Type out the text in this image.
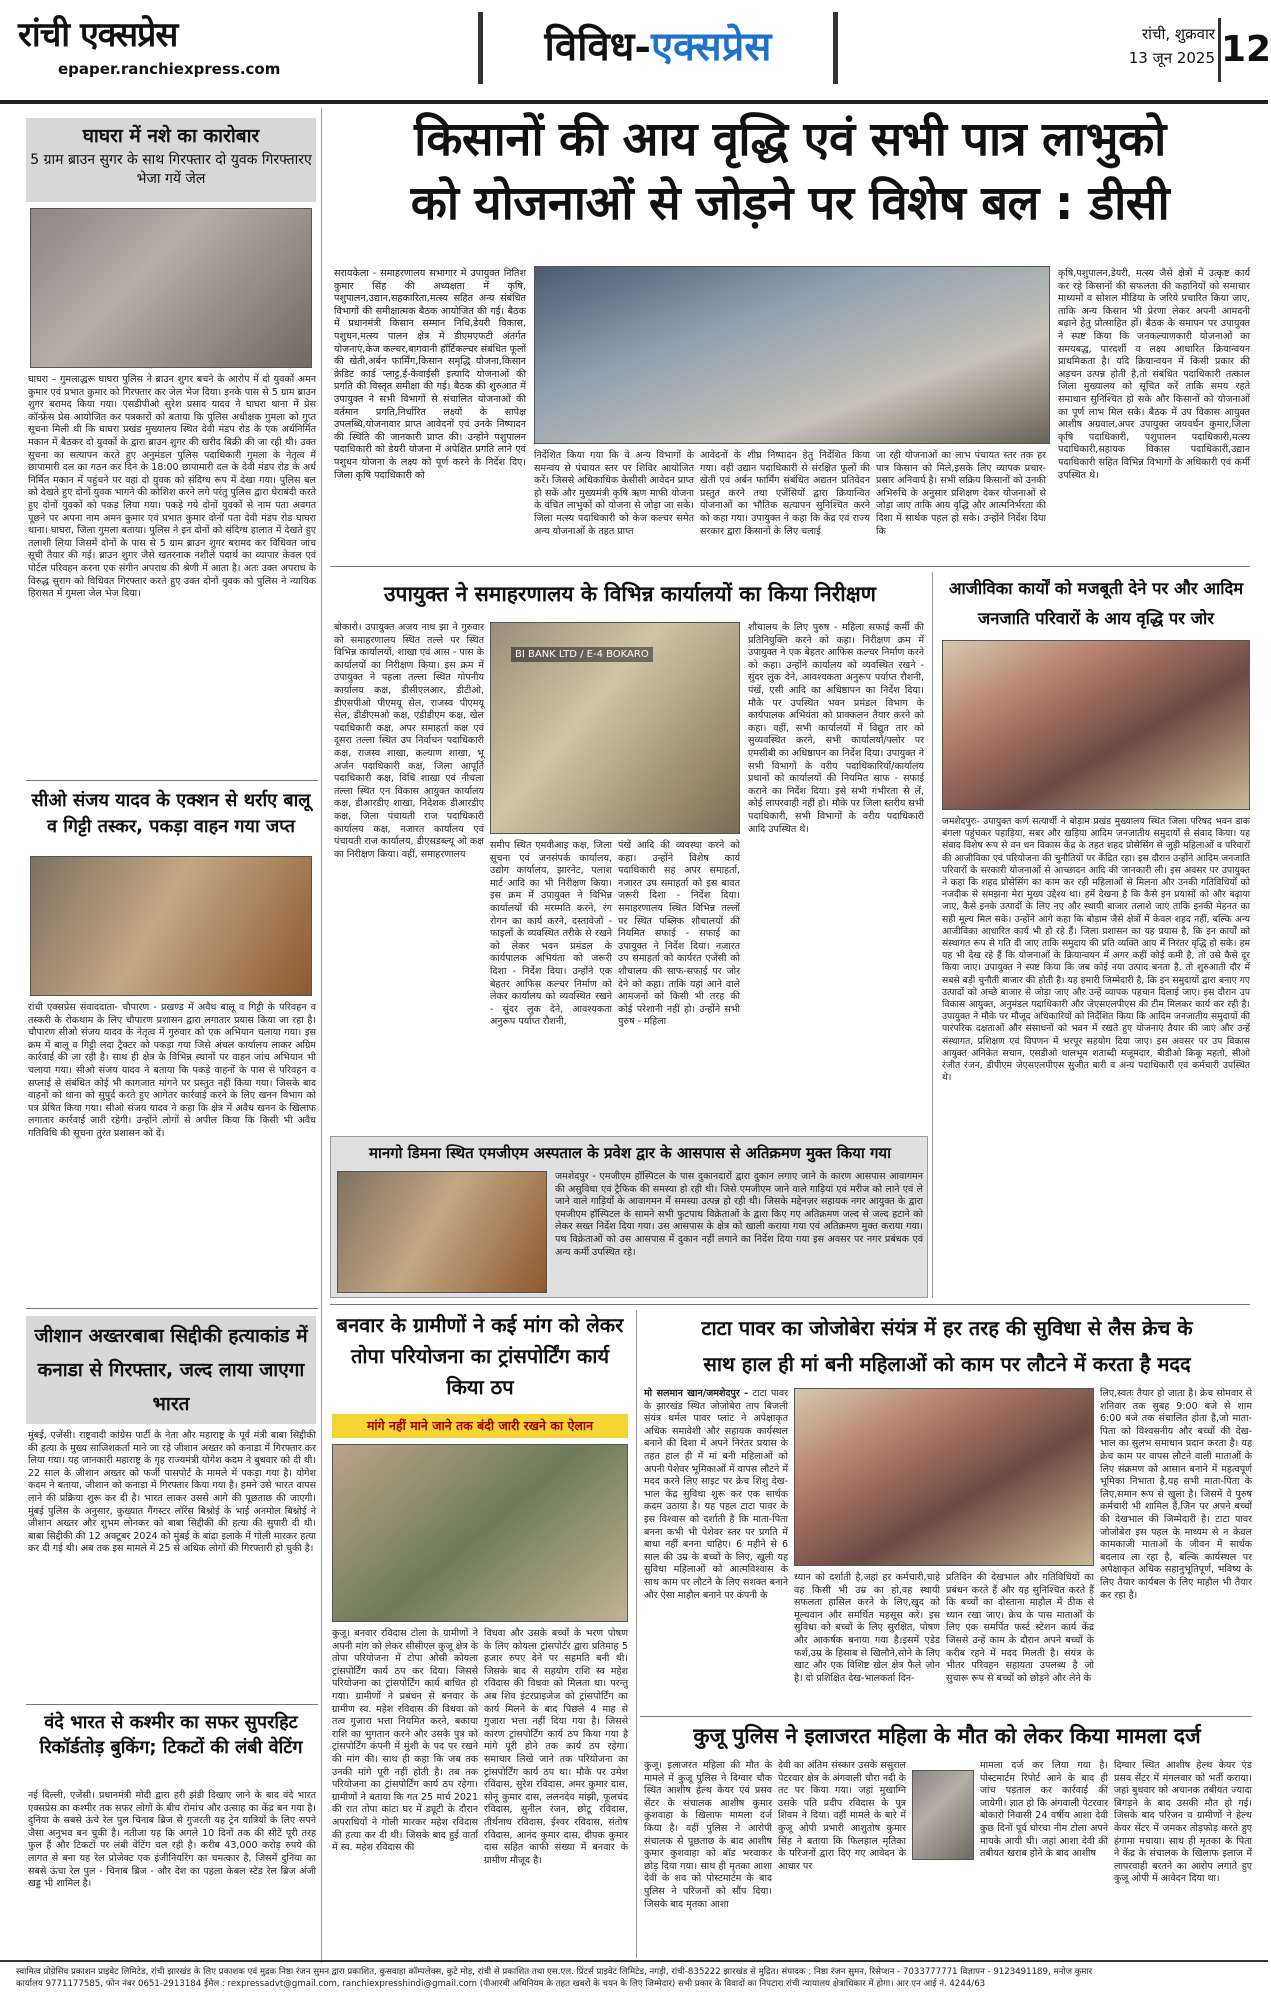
रांची एक्सप्रेस
epaper.ranchiexpress.com	विविध-एक्सप्रेस	रांची, शुक्रवार
13 जून 2025 12
घाघरा में नशे का कारोबार
5 ग्राम ब्राउन सुगर के साथ गिरफ्तार दो युवक गिरफ्तारए भेजा गयें जेल
घाघरा – गुमलाद्धरू घाघरा पुलिस ने ब्राउन शुगर बचने के आरोप में दो युवकों अमन कुमार एवं प्रभात कुमार को गिरफ्तार कर जेल भेज दिया। इनके पास से 5 ग्राम ब्राउन शुगर बरामद किया गया। एसडीपीओ सुरेश प्रसाद यादव ने घाघरा थाना में प्रेस कॉन्फ्रेंस प्रेस आयोजित कर पत्रकारों को बताया कि पुलिस अधीक्षक गुमला को गुप्त सूचना मिली थी कि घाघरा प्रखंड मुख्यालय स्थित देवी मंडप रोड के एक अर्धनिर्मित मकान में बैठकर दो युवकों के द्वारा ब्राउन शुगर की खरीद बिक्री की जा रही थी। उक्त सूचना का सत्यापन करते हुए अनुमंडल पुलिस पदाधिकारी गुमला के नेतृत्व में छापामारी दल का गठन कर दिन के 18:00 छापामारी दल के देवी मंडप रोड के अर्ध निर्मित मकान में पहुंचने पर वहां दो युवक को संदिग्ध रूप में देखा गया। पुलिस बल को देखते हुए दोनों युवक भागने की कोशिश करने लगे परंतु पुलिस द्वारा घेराबंदी करते हुए दोनों युवकों को पकड़ लिया गया। पकड़े गये दोनों युवकों से नाम पता अवगत पूछने पर अपना नाम अमन कुमार एवं प्रभात कुमार दोनों पता देवी मंडप रोड घाघरा थाना। घाघरा, जिला गुमला बताया। पुलिस ने इन दोनों को संदिग्ध हालात में देखते हुए तलाशी लिया जिसमें दोनों के पास से 5 ग्राम ब्राउन शुगर बरामद कर विधिवत जांच सूची तैयार की गई। ब्राउन शुगर जैसे खतरनाक नशीले पदार्थ का व्यापार केवल एवं पोर्टल परिवहन करना एक संगीन अपराध की श्रेणी में आता है। अतः उक्त अपराध के विरुद्ध सुराग को विधिवत गिरफ्तार करते हुए उक्त दोनों युवक को पुलिस ने न्यायिक हिरासत में गुमला जेल भेज दिया।
सीओ संजय यादव के एक्शन से थर्राए बालू व गिट्टी तस्कर, पकड़ा वाहन गया जप्त
रांची एक्सप्रेस संवाददाता- चौपारण - प्रखण्ड में अवैध बालू व गिट्टी के परिवहन व तस्करी के रोकथाम के लिए चौपारण प्रशासन द्वारा लगातार प्रयास किया जा रहा है। चौपारण सीओ संजय यादव के नेतृत्व में गुरुवार को एक अभियान चलाया गया। इस क्रम में बालू व गिट्टी लदा ट्रैक्टर को पकड़ा गया जिसे अंचल कार्यालय लाकर अग्रिम कार्रवाई की जा रही है। साथ ही क्षेत्र के विभिन्न स्थानों पर वाहन जांच अभियान भी चलाया गया। सीओ संजय यादव ने बताया कि पकड़े वाहनों के पास से परिवहन व सप्लाई से संबंधित कोई भी कागजात मांगने पर प्रस्तुत नहीं किया गया। जिसके बाद वाहनों को थाना को सुपुर्द करते हुए आगेतर कार्रवाई करने के लिए खनन विभाग को पत्र प्रेषित किया गया। सीओ संजय यादव ने कहा कि क्षेत्र में अवैध खनन के खिलाफ लगातार कार्रवाई जारी रहेगी। उन्होंने लोगों से अपील किया कि किसी भी अवैध गतिविधि की सूचना तुरंत प्रशासन को दें।
जीशान अख्तरबाबा सिद्दीकी हत्याकांड में कनाडा से गिरफ्तार, जल्द लाया जाएगा भारत
मुंबई, एजेंसी। राष्ट्रवादी कांग्रेस पार्टी के नेता और महाराष्ट्र के पूर्व मंत्री बाबा सिद्दीकी की हत्या के मुख्य साजिशकर्ता माने जा रहे जीशान अख्तर को कनाडा में गिरफ्तार कर लिया गया। यह जानकारी महाराष्ट्र के गृह राज्यमंत्री योगेश कदम ने बुधवार को दी थी। 22 साल के जीशान अख्तर को फर्जी पासपोर्ट के मामले में पकड़ा गया है। योगेश कदम ने बताया, जीशान को कनाडा में गिरफ्तार किया गया है। हमने उसे भारत वापस लाने की प्रक्रिया शुरू कर दी है। भारत लाकर उससे आगे की पूछताछ की जाएगी। मुंबई पुलिस के अनुसार, कुख्यात गैंगस्टर लॉरेंस बिश्नोई के भाई अनमोल बिश्नोई ने जीशान अख्तर और शुभम लोनकर को बाबा सिद्दीकी की हत्या की सुपारी दी थी। बाबा सिद्दीकी की 12 अक्टूबर 2024 को मुंबई के बांद्रा इलाके में गोली मारकर हत्या कर दी गई थी। अब तक इस मामले में 25 से अधिक लोगों की गिरफ्तारी हो चुकी है।
वंदे भारत से कश्मीर का सफर सुपरहिट रिकॉर्डतोड़ बुकिंग; टिकटों की लंबी वेटिंग
नई दिल्ली, एजेंसी। प्रधानमंत्री मोदी द्वारा हरी झंडी दिखाए जाने के बाद वंदे भारत एक्सप्रेस का कश्मीर तक सफर लोगों के बीच रोमांच और उत्साह का केंद्र बन गया है। दुनिया के सबसे ऊंचे रेल पुल चिनाब ब्रिज से गुजरती यह ट्रेन यात्रियों के लिए सपने जैसा अनुभव बन चुकी है। नतीजा यह कि अगले 10 दिनों तक की सीटें पूरी तरह फुल हैं और टिकटों पर लंबी वेटिंग चल रही है। करीब 43,000 करोड़ रुपये की लागत से बना यह रेल प्रोजेक्ट एक इंजीनियरिंग का चमत्कार है, जिसमें दुनिया का सबसे ऊंचा रेल पुल - चिनाब ब्रिज - और देश का पहला केबल स्टेड रेल ब्रिज अंजी खड्ड भी शामिल है।
किसानों की आय वृद्धि एवं सभी पात्र लाभुको
को योजनाओं से जोड़ने पर विशेष बल : डीसी
सरायकेला - समाहरणालय सभागार में उपायुक्त नितिश कुमार सिंह की अध्यक्षता में कृषि, पशुपालन,उद्यान,सहकारिता,मत्स्य सहित अन्य संबंधित विभागों की समीक्षात्मक बैठक आयोजित की गई। बैठक में प्रधानमंत्री किसान सम्मान निधि,डेयरी विकास, पशुधन,मत्स्य पालन क्षेत्र में डीएमएफटी अंतर्गत योजनाएं,केज कल्चर,बागवानी हॉर्टिकल्चर संबंधित फूलों की खेती,अर्बन फार्मिंग,किसान समृद्धि योजना,किसान क्रेडिट कार्ड प्लाट्ट,ई-केवाईसी इत्यादि योजनाओं की प्रगति की विस्तृत समीक्षा की गई। बैठक की शुरुआत में उपायुक्त ने सभी विभागों से संचालित योजनाओं की वर्तमान प्रगति,निर्धारित लक्ष्यों के सापेक्ष उपलब्धि,योजनावार प्राप्त आवेदनों एवं उनके निष्पादन की स्थिति की जानकारी प्राप्त की। उन्होंने पशुपालन पदाधिकारी को डेयरी योजना में अपेक्षित प्रगति लाने एवं पशुधन योजना के लक्ष्य को पूर्ण करने के निर्देश दिए। जिला कृषि पदाधिकारी को
निर्देशित किया गया कि वे अन्य विभागों के समन्वय से पंचायत स्तर पर शिविर आयोजित करें। जिससे अधिकाधिक केसीसी आवेदन प्राप्त हो सकें और मुख्यमंत्री कृषि ऋण माफी योजना के वंचित लाभुकों को योजना से जोड़ा जा सके। जिला मत्स्य पदाधिकारी को केज कल्चर समेत अन्य योजनाओं के तहत प्राप्त
आवेदनों के शीघ्र निष्पादन हेतु निर्देशित किया गया। वहीं उद्यान पदाधिकारी से संरक्षित फूलों की खेती एवं अर्बन फार्मिंग संबंधित अद्यतन प्रतिवेदन प्रस्तुत करने तथा एजेंसियों द्वारा क्रियान्वित योजनाओं का भौतिक सत्यापन सुनिश्चित करने को कहा गया। उपायुक्त ने कहा कि केंद्र एवं राज्य सरकार द्वारा किसानों के लिए चलाई
जा रही योजनाओं का लाभ पंचायत स्तर तक हर पात्र किसान को मिले,इसके लिए व्यापक प्रचार-प्रसार अनिवार्य है। सभी सक्रिय किसानों को उनकी अभिरुचि के अनुसार प्रशिक्षण देकर योजनाओं से जोड़ा जाए ताकि आय वृद्धि और आत्मनिर्भरता की दिशा में सार्थक पहल हो सके। उन्होंने निर्देश दिया कि
कृषि,पशुपालन,डेयरी, मत्स्य जैसे क्षेत्रों में उत्कृष्ट कार्य कर रहे किसानों की सफलता की कहानियों को समाचार माध्यमों व सोशल मीडिया के जरिये प्रचारित किया जाए, ताकि अन्य किसान भी प्रेरणा लेकर अपनी आमदनी बढ़ाने हेतु प्रोत्साहित हों। बैठक के समापन पर उपायुक्त ने स्पष्ट किया कि जनकल्याणकारी योजनाओं का समयबद्ध, पारदर्शी व लक्ष्य आधारित क्रियान्वयन प्राथमिकता है। यदि क्रियान्वयन में किसी प्रकार की अड़चन उत्पन्न होती है,तो संबंधित पदाधिकारी तत्काल जिला मुख्यालय को सूचित करें ताकि समय रहते समाधान सुनिश्चित हो सके और किसानों को योजनाओं का पूर्ण लाभ मिल सके। बैठक में उप विकास आयुक्त आशीष अग्रवाल,अपर उपायुक्त जयवर्धन कुमार,जिला कृषि पदाधिकारी, पशुपालन पदाधिकारी,मत्स्य पदाधिकारी,सहायक विकास पदाधिकारी,उद्यान पदाधिकारी सहित विभिन्न विभागों के अधिकारी एवं कर्मी उपस्थित थे।
उपायुक्त ने समाहरणालय के विभिन्न कार्यालयों का किया निरीक्षण
बोकारो। उपायुक्त अजय नाथ झा ने गुरुवार को समाहरणालय स्थित तल्ले पर स्थित विभिन्न कार्यालयों, शाखा एवं आस - पास के कार्यालयों का निरीक्षण किया। इस क्रम में उपायुक्त ने पहला तल्ला स्थित गोपनीय कार्यालय कक्ष, डीसीएलआर, डीटीओ, डीएसपीओ पीएमयू सेल, राजस्व पीएमयू सेल, डीडीएमओ कक्ष, एडीडीएम कक्ष, खेल पदाधिकारी कक्ष, अपर समाहर्ता कक्ष एवं दूसरा तल्ला स्थित उप निर्वाचन पदाधिकारी कक्ष, राजस्व शाखा, कल्याण शाखा, भू अर्जन पदाधिकारी कक्ष, जिला आपूर्ति पदाधिकारी कक्ष, विधि शाखा एवं नीचला तल्ला स्थित एन विकास आयुक्त कार्यालय कक्ष, डीआरडीए शाखा, निदेशक डीआरडीए कक्ष, जिला पंचायती राज पदाधिकारी कार्यालय कक्ष, नजारत कार्यालय एवं पंचायती राज कार्यालय, डीएसडब्ल्यू ओ कक्ष का निरीक्षण किया। वहीं, समाहरणालय
BI BANK LTD / E-4 BOKARO
समीप स्थित एमवीआइ कक्ष, जिला सूचना एवं जनसंपर्क कार्यालय, उद्योग कार्यालय, झारनेट, पलाश मार्ट आदि का भी निरीक्षण किया। इस क्रम में उपायुक्त ने विभिन्न कार्यालयों की मरम्मति करने, रंग रोगन का कार्य करने, दस्तावेजों - फाइलों के व्यवस्थित तरीके से रखने को लेकर भवन प्रमंडल के कार्यपालक अभियंता को जरूरी दिशा - निर्देश दिया। उन्होंने एक बेहतर आफिस कल्चर निर्माण को लेकर कार्यालय को व्यवस्थित रखने - सुंदर लुक देने, आवश्यकता अनुरूप पर्याप्त रौशनी,
पंखें आदि की व्यवस्था करने को कहा। उन्होंने विशेष कार्य पदाधिकारी सह अपर समाहर्ता, नजारत उप समाहर्ता को इस बावत जरूरी दिशा - निर्देश दिया। समाहरणालय स्थित विभिन्न तल्लों पर स्थित पब्लिक शौचालयों की नियमित सफाई - सफाई का उपायुक्त ने निर्देश दिया। नजारत उप समाहर्ता को कार्यरत एजेंसी को शौचालय की साफ-सफाई पर जोर देने को कहा। ताकि यहां आने वाले आमजनों को किसी भी तरह की कोई परेशानी नहीं हो। उन्होंने सभी पुरुष - महिला
शौचालय के लिए पुरुष - महिला सफाई कर्मी की प्रतिनियुक्ति करने को कहा। निरीक्षण क्रम में उपायुक्त ने एक बेहतर आफिस कल्चर निर्माण करने को कहा। उन्होंने कार्यालय को व्यवस्थित रखने - सुंदर लुक देने, आवश्यकता अनुरूप पर्याप्त रौशनी, पंखें, एसी आदि का अधिष्ठापन का निर्देश दिया। मौके पर उपस्थित भवन प्रमंडल विभाग के कार्यपालक अभियंता को प्राक्कलन तैयार करने को कहा। वहीं, सभी कार्यालयों में विद्युत तार को सुव्यवस्थित करने, सभी कार्यालयों/फ्लोर पर एमसीबी का अधिष्ठापन का निर्देश दिया। उपायुक्त ने सभी विभागों के वरीय पदाधिकारियों/कार्यालय प्रधानों को कार्यालयों की नियमित साफ - सफाई कराने का निर्देश दिया। इसे सभी गंभीरता से लें, कोई लापरवाही नहीं हो। मौके पर जिला स्तरीय सभी पदाधिकारी, सभी विभागों के वरीय पदाधिकारी आदि उपस्थित थे।
आजीविका कार्यों को मजबूती देने पर और आदिम जनजाति परिवारों के आय वृद्धि पर जोर
जमशेदपुरः- उपायुक्त कर्ण सत्यार्थी ने बोड़ाम प्रखंड मुख्यालय स्थित जिला परिषद भवन डाक बंगला पहुंचकर पहाड़िया, सबर और खड़िया आदिम जनजातीय समुदायों से संवाद किया। यह संवाद विशेष रूप से वन धन विकास केंद्र के तहत शहद प्रोसेसिंग से जुड़ी महिलाओं व परिवारों की आजीविका एवं परियोजना की चुनौतियों पर केंद्रित रहा। इस दौरान उन्होंने आदिम जनजाति परिवारों के सरकारी योजनाओं से आच्छादन आदि की जानकारी ली। इस अवसर पर उपायुक्त ने कहा कि शहद प्रोसेसिंग का काम कर रही महिलाओं से मिलना और उनकी गतिविधियों को नजदीक से समझना मेरा मुख्य उद्देश्य था। हमें देखना है कि कैसे इन प्रयासों को और बढ़ाया जाए, कैसे इनके उत्पादों के लिए नए और स्थायी बाजार तलाशे जाएं ताकि इनकी मेहनत का सही मूल्य मिल सके। उन्होंने आगे कहा कि बोड़ाम जैसे क्षेत्रों में केवल शहद नहीं, बल्कि अन्य आजीविका आधारित कार्य भी हो रहे हैं। जिला प्रशासन का यह प्रयास है, कि इन कार्यों को संस्थागत रूप से गति दी जाए ताकि समुदाय की प्रति व्यक्ति आय में निरंतर वृद्धि हो सके। हम यह भी देख रहे हैं कि योजनाओं के क्रियान्वयन में अगर कहीं कोई कमी है, तो उसे कैसे दूर किया जाए। उपायुक्त ने स्पष्ट किया कि जब कोई नया उत्पाद बनता है, तो शुरुआती दौर में सबसे बड़ी चुनौती बाजार की होती है। यह हमारी जिम्मेदारी है, कि इन समुदायों द्वारा बनाए गए उत्पादों को अच्छे बाजार से जोड़ा जाए और उन्हें व्यापक पहचान दिलाई जाए। इस दौरान उप विकास आयुक्त, अनुमंडल पदाधिकारी और जेएसएलपीएस की टीम मिलकर कार्य कर रही है। उपायुक्त ने मौके पर मौजूद अधिकारियों को निर्देशित किया कि आदिम जनजातीय समुदायों की पारंपरिक दक्षताओं और संसाधनों को भवन में रखते हुए योजनाएं तैयार की जाएं और उन्हें संस्थागत, प्रशिक्षण एवं विपणन में भरपूर सहयोग दिया जाए। इस अवसर पर उप विकास आयुक्त अनिकेत सचान, एसडीओ धालभूम शताब्दी मजूमदार, बीडीओ किकू महतो, सीओ रंजीत रंजन, डीपीएम जेएसएलपीएस सुजीत बारी व अन्य पदाधिकारी एवं कर्मचारी उपस्थित थे।
मानगो डिमना स्थित एमजीएम अस्पताल के प्रवेश द्वार के आसपास से अतिक्रमण मुक्त किया गया
जमशेदपुर - एमजीएम हॉस्पिटल के पास दुकानदारों द्वारा दुकान लगाए जाने के कारण आसपास आवागमन की असुविधा एवं ट्रैफिक की समस्या हो रही थी। जिसे एमजीएम जाने वाले गाड़ियां एवं मरीज को लाने एवं ले जाने वाले गाड़ियों के आवागमन में समस्या उत्पन्न हो रही थी। जिसके मद्देनज़र सहायक नगर आयुक्त के द्वारा एमजीएम हॉस्पिटल के सामने सभी फुटपाथ विक्रेताओं के द्वारा किए गए अतिक्रमण जल्द से जल्द हटाने को लेकर सख्त निर्देश दिया गया। उस आसपास के क्षेत्र को खाली कराया गया एवं अतिक्रमण मुक्त कराया गया। पथ विक्रेताओं को उस आसपास में दुकान नहीं लगाने का निर्देश दिया गया इस अवसर पर नगर प्रबंधक एवं अन्य कर्मी उपस्थित रहे।
बनवार के ग्रामीणों ने कई मांग को लेकर तोपा परियोजना का ट्रांसपोर्टिंग कार्य किया ठप
मांगे नहीं माने जाने तक बंदी जारी रखने का ऐलान
कुजू। बनवार रविदास टोला के ग्रामीणों ने अपनी मांग को लेकर सीसीएल कुजू क्षेत्र के तोपा परियोजना में टोपा ओसी कोयला ट्रांसपोर्टिंग कार्य ठप कर दिया। जिससे परियोजना का ट्रांसपोर्टिंग कार्य बाधित हो गया। ग्रामीणों ने प्रबंधन से बनवार के ग्रामीण स्व. महेश रविदास की विधवा को तत्व गुजारा भत्ता नियमित करने, बकाया राशि का भुगतान करने और उसके पुत्र को ट्रांसपोर्टिंग कंपनी में मुंशी के पद पर रखने की मांग की। साथ ही कहा कि जब तक उनकी मांगे पूरी नहीं होती है। तब तक परियोजना का ट्रांसपोर्टिंग कार्य ठप रहेगा। ग्रामीणों ने बताया कि गत 25 मार्च 2021 की रात तोपा कांटा घर में ड्यूटी के दौरान अपराधियों ने गोली मारकर महेश रविदास की हत्या कर दी थी। जिसके बाद हुई वार्ता में स्व. महेश रविदास की
विधवा और उसके बच्चों के भरण पोषण के लिए कोयला ट्रांसपोर्टर द्वारा प्रतिमाह 5 हजार रुपए देने पर सहमति बनी थी। जिसके बाद से सहयोग राशि स्व महेश रविदास की विधवा को मिलता था। परन्तु अब शिव इंटरप्राइजेज को ट्रांसपोर्टिंग का कार्य मिलने के बाद पिछले 4 माह से गुजारा भत्ता नहीं दिया गया है। जिससे कारण ट्रांसपोर्टिंग कार्य ठप किया गया है मांगे पूरी होने तक कार्य ठप रहेगा। समाचार लिखे जाने तक परियोजना का ट्रांसपोर्टिंग कार्य ठप था। मौके पर उमेश रविदास, सुरेश रविदास, अमर कुमार दास, सोनू कुमार दास, ललनदेव मांझी, फूलचंद रविदास, सुनील रंजन, छोटू रविदास, तीर्थनाथ रविदास, ईश्वर रविदास, संतोष रविदास, आनंद कुमार दास, दीपक कुमार दास सहित काफी संख्या में बनवार के ग्रामीण मौजूद है।
टाटा पावर का जोजोबेरा संयंत्र में हर तरह की सुविधा से लैस क्रेच के
साथ हाल ही मां बनी महिलाओं को काम पर लौटने में करता है मदद
मो सलमान खान/जमशेदपुर - टाटा पावर के झारखंड स्थित जोजोबेरा ताप बिजली संयंत्र थर्मल पावर प्लांट ने अपेक्षाकृत अधिक समावेशी और सहायक कार्यस्थल बनाने की दिशा में अपने निरंतर प्रयास के तहत हाल ही में मां बनी महिलाओं को अपनी पेशेवर भूमिकाओं में वापस लौटने में मदद करने लिए साइट पर क्रेच शिशु देख-भाल केंद्र सुविधा शुरू कर एक सार्थक कदम उठाया है। यह पहल टाटा पावर के इस विश्वास को दर्शाती है कि माता-पिता बनना कभी भी पेशेवर स्तर पर प्रगति में बाधा नहीं बनना चाहिए। 6 महीने से 6 साल की उम्र के बच्चों के लिए, खुली यह सुविधा महिलाओं को आत्मविश्वास के साथ काम पर लौटने के लिए सशक्त बनाने और ऐसा माहौल बनाने पर कंपनी के
ध्यान को दर्शाती है,जहां हर कर्मचारी,चाहे वह किसी भी उम्र का हो,वह स्थायी सफलता हासिल करने के लिए,खुद को मूल्यवान और समर्थित महसूस करे। इस सुविधा को बच्चों के लिए सुरक्षित, पोषण और आकर्षक बनाया गया है।इसमें एडेड फर्श,उम्र के हिसाब से खिलौने,सोने के लिए खाट और एक विशिष्ट खेल क्षेत्र फैले ज़ोन है। दो प्रशिक्षित देख-भालकर्ता दिन-
प्रतिदिन की देखभाल और गतिविधियों का प्रबंधन करते हैं और यह सुनिश्चित करते हैं कि बच्चों का दोस्ताना माहौल में ठीक से ध्यान रखा जाए। क्रेच के पास माताओं के लिए एक समर्पित फर्स्ट स्टेशन कार्य केंद्र जिससे उन्हें काम के दौरान अपने बच्चों के करीब रहने में मदद मिलती है। संयंत्र के भीतर परिवहन सहायता उपलब्ध है जो सुचारू रूप से बच्चों को छोड़ने और लेने के
लिए,स्वतः तैयार हो जाता है। क्रेच सोमवार से शनिवार तक सुबह 9:00 बजे से शाम 6:00 बजे तक संचालित होता है,जो माता-पिता को विश्वसनीय और बच्चों की देख-भाल का सुलभ समाधान प्रदान करता है। यह क्रेच काम पर वापस लौटने वाली माताओं के लिए संक्रमण को आसान बनाने में महत्वपूर्ण भूमिका निभाता है,यह सभी माता-पिता के लिए,समान रूप से खुला है। जिसमें वे पुरुष कर्मचारी भी शामिल हैं,जिन पर अपने बच्चों की देखभाल की जिम्मेदारी है। टाटा पावर जोजोबेरा इस पहल के माध्यम से न केवल कामकाजी माताओं के जीवन में सार्थक बदलाव ला रहा है, बल्कि कार्यस्थल पर अपेक्षाकृत अधिक सहानुभूतिपूर्ण, भविष्य के लिए तैयार कार्यबल के लिए माहौल भी तैयार कर रहा है।
कुजू पुलिस ने इलाजरत महिला के मौत को लेकर किया मामला दर्ज
कुजू। इलाजरत महिला की मौत के मामले में कुजू पुलिस ने दिग्वार चौक स्थित आशीष हेल्थ केयर एवं प्रसव सेंटर के संचालक आशीष कुमार कुशवाहा के खिलाफ मामला दर्ज किया है। वहीं पुलिस ने आरोपी संचालक से पूछताछ के बाद आशीष कुमार कुशवाहा को बॉड भरवाकर छोड़ दिया गया। साथ ही मृतका आशा देवी के शव को पोस्टमार्टम के बाद पुलिस ने परिजनों को सौंप दिया। जिसके बाद मृतका आशा
देवी का अंतिम संस्कार उसके ससुराल पेटरवार क्षेत्र के अंगवाली चौरा नदी के तट पर किया गया। जहां मुखाग्नि उसके पति प्रदीप रविदास के पुत्र शिवम ने दिया। वहीं मामले के बारे में कुजू ओपी प्रभारी आशुतोष कुमार सिंह ने बताया कि फिलहाल मृतिका के परिजनों द्वारा दिए गए आवेदन के आधार पर
मामला दर्ज कर लिया गया है। पोस्टमार्टम रिपोर्ट आने के बाद ही जांच पड़ताल कर कार्रवाई की जायेगी। ज्ञात हो कि अंगवाली पेटरवार बोकारो निवासी 24 वर्षीय आशा देवी कुछ दिनों पूर्व घोरचा नीम टोला अपने मायके आयी थी। जहां आशा देवी की तबीयत खराब होने के बाद आशीष
दिग्वार स्थित आशीष हेल्थ केयर एंड प्रसव सेंटर में मंगलवार को भर्ती कराया। जहां बुधवार को अचानक तबीयत ज्यादा बिगड़ने के बाद उसकी मौत हो गई। जिसके बाद परिजन व ग्रामीणों ने हेल्थ केयर सेंटर में जमकर तोड़फोड़ करते हुए हंगामा मचाया। साथ ही मृतका के पिता ने केंद्र के संचालक के खिलाफ इलाज में लापरवाही बरतने का आरोप लगाते हुए कुजू ओपी में आवेदन दिया था।
स्वामित्व प्रोग्रेसिव प्रकाशन प्राइवेट लिमिटेड, रांची झारखंड के लिए प्रकाशक एवं मुद्रक निष्ठा रंजन सुमन द्वारा प्रकाशित, कुसवाहा कॉम्पलेक्स, कुटे मोड़, रांची से प्रकाशित तथा एस.एल. प्रिंटर्स प्राइवेट लिमिटेड, नगड़ी, रांची-835222 झारखंड से मुद्रित। संपादक : निष्ठा रंजन सुमन, रिसेप्शन - 7033777771 विज्ञापन - 9123491189, मनोज कुमार
कार्यालय 9771177585, फोन नंबर 0651-2913184 ईमेल : rexpressadvt@gmail.com, ranchiexpresshindi@gmail.com (पीआरबी अधिनियम के तहत खबरों के चयन के लिए जिम्मेदार) सभी प्रकार के विवादों का निपटारा रांची न्यायालय क्षेत्राधिकार में होगा। आर एन आई नं. 4244/63
